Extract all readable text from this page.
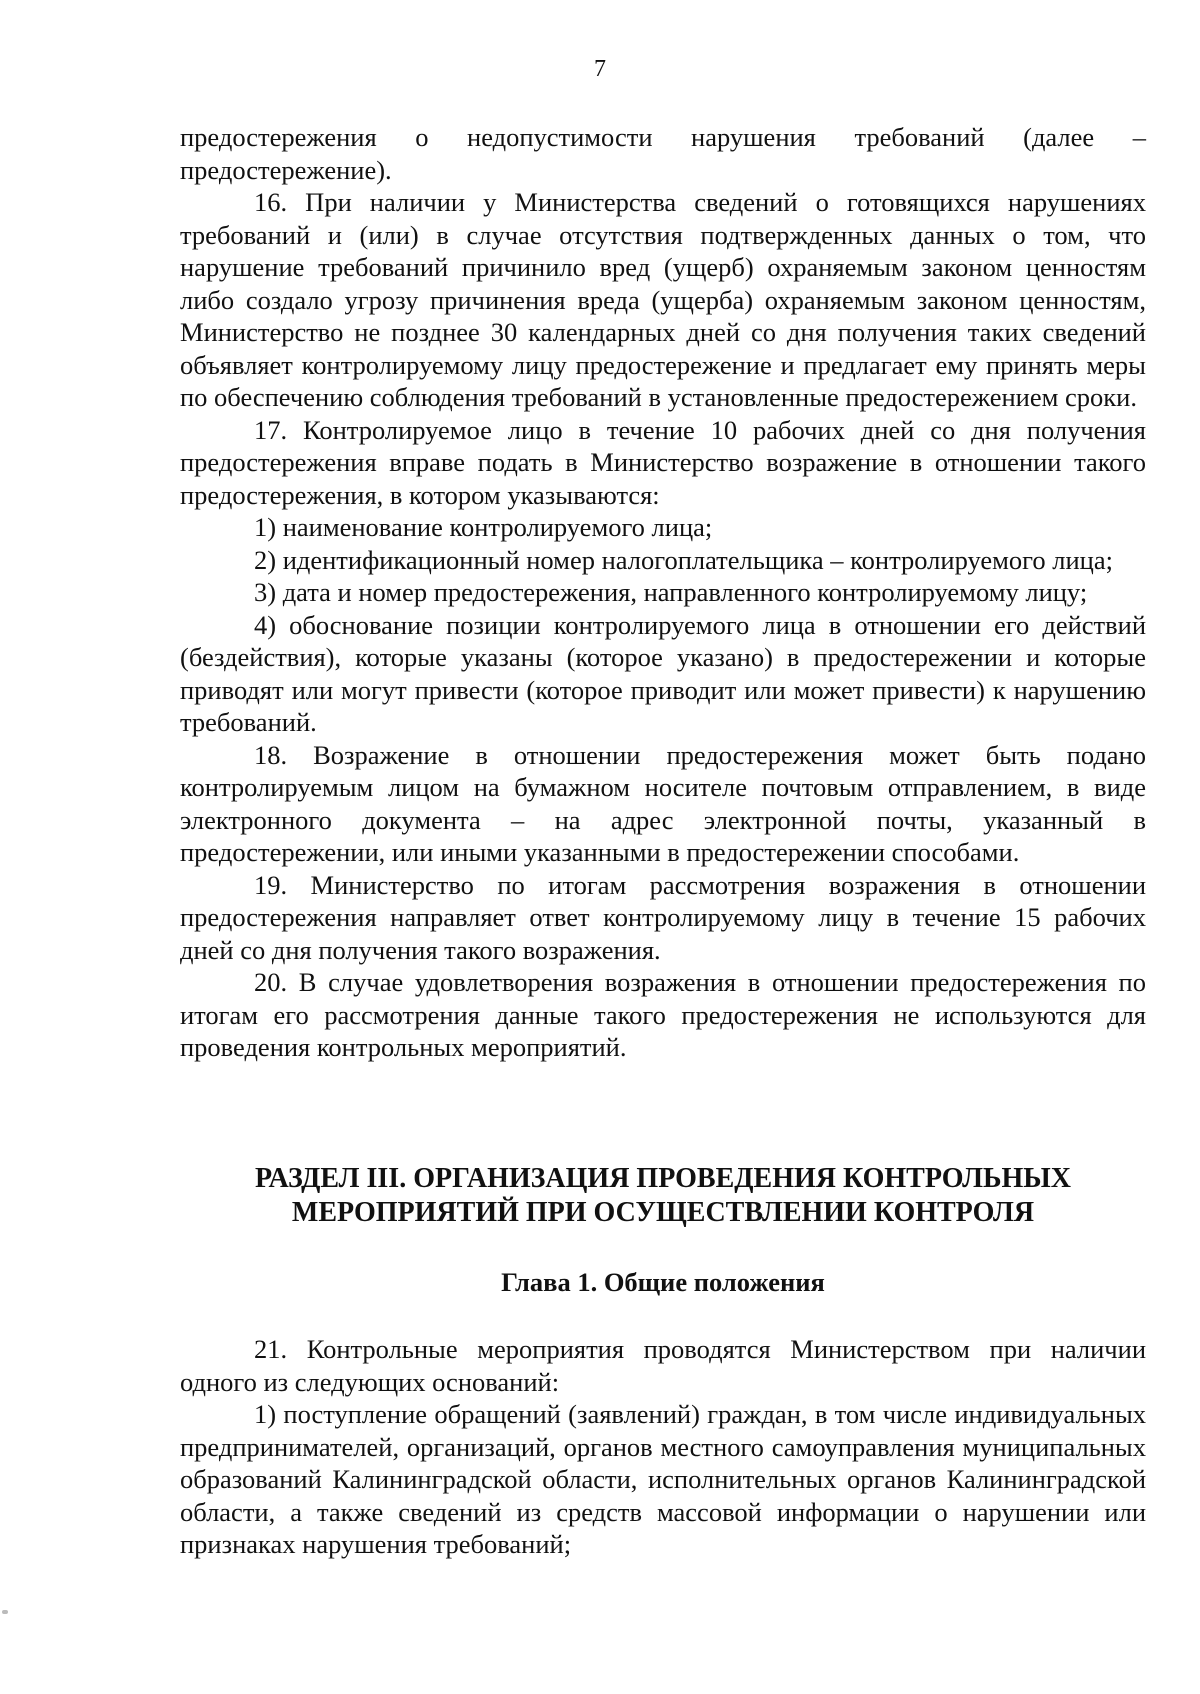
7

предостережения о недопустимости нарушения требований (далее – предостережение).

16. При наличии у Министерства сведений о готовящихся нарушениях требований и (или) в случае отсутствия подтвержденных данных о том, что нарушение требований причинило вред (ущерб) охраняемым законом ценностям либо создало угрозу причинения вреда (ущерба) охраняемым законом ценностям, Министерство не позднее 30 календарных дней со дня получения таких сведений объявляет контролируемому лицу предостережение и предлагает ему принять меры по обеспечению соблюдения требований в установленные предостережением сроки.

17. Контролируемое лицо в течение 10 рабочих дней со дня получения предостережения вправе подать в Министерство возражение в отношении такого предостережения, в котором указываются:

1) наименование контролируемого лица;

2) идентификационный номер налогоплательщика – контролируемого лица;

3) дата и номер предостережения, направленного контролируемому лицу;

4) обоснование позиции контролируемого лица в отношении его действий (бездействия), которые указаны (которое указано) в предостережении и которые приводят или могут привести (которое приводит или может привести) к нарушению требований.

18. Возражение в отношении предостережения может быть подано контролируемым лицом на бумажном носителе почтовым отправлением, в виде электронного документа – на адрес электронной почты, указанный в предостережении, или иными указанными в предостережении способами.

19. Министерство по итогам рассмотрения возражения в отношении предостережения направляет ответ контролируемому лицу в течение 15 рабочих дней со дня получения такого возражения.

20. В случае удовлетворения возражения в отношении предостережения по итогам его рассмотрения данные такого предостережения не используются для проведения контрольных мероприятий.

РАЗДЕЛ III. ОРГАНИЗАЦИЯ ПРОВЕДЕНИЯ КОНТРОЛЬНЫХ
МЕРОПРИЯТИЙ ПРИ ОСУЩЕСТВЛЕНИИ КОНТРОЛЯ
Глава 1. Общие положения

21. Контрольные мероприятия проводятся Министерством при наличии одного из следующих оснований:

1) поступление обращений (заявлений) граждан, в том числе индивидуальных предпринимателей, организаций, органов местного самоуправления муниципальных образований Калининградской области, исполнительных органов Калининградской области, а также сведений из средств массовой информации о нарушении или признаках нарушения требований;
